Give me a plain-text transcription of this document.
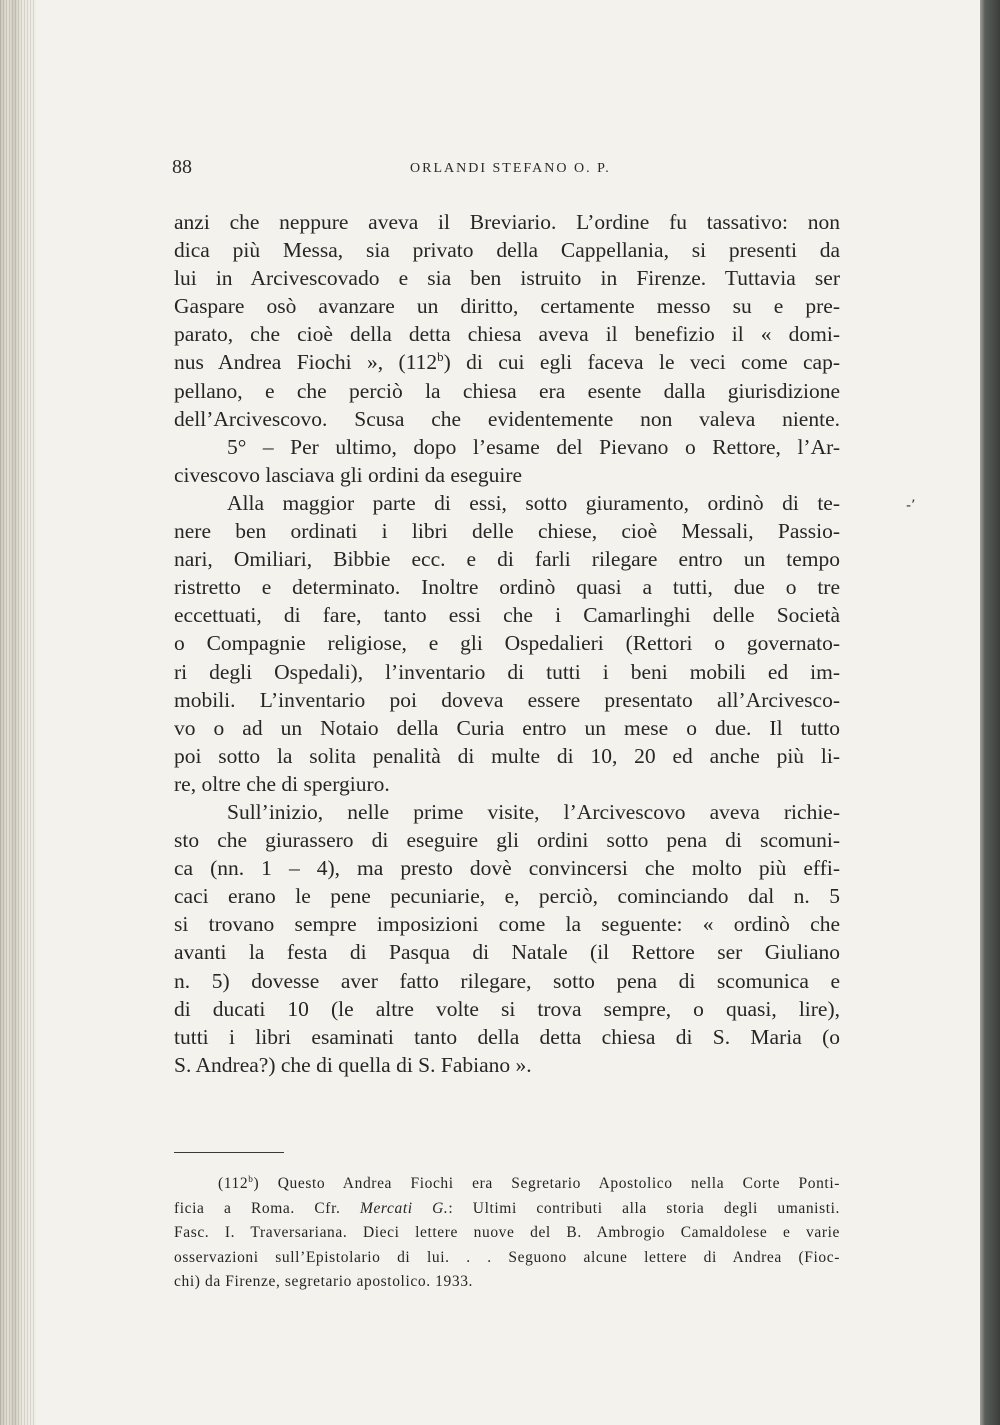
88	ORLANDI STEFANO O. P.

anzi che neppure aveva il Breviario. L’ordine fu tassativo: non
dica più Messa, sia privato della Cappellania, si presenti da
lui in Arcivescovado e sia ben istruito in Firenze. Tuttavia ser
Gaspare osò avanzare un diritto, certamente messo su e pre-
parato, che cioè della detta chiesa aveva il benefizio il « domi-
nus Andrea Fiochi », (112$^b$) di cui egli faceva le veci come cap-
pellano, e che perciò la chiesa era esente dalla giurisdizione
dell’Arcivescovo. Scusa che evidentemente non valeva niente.

5° – Per ultimo, dopo l’esame del Pievano o Rettore, l’Ar-
civescovo lasciava gli ordini da eseguire

Alla maggior parte di essi, sotto giuramento, ordinò di te-
nere ben ordinati i libri delle chiese, cioè Messali, Passio-
nari, Omiliari, Bibbie ecc. e di farli rilegare entro un tempo
ristretto e determinato. Inoltre ordinò quasi a tutti, due o tre
eccettuati, di fare, tanto essi che i Camarlinghi delle Società
o Compagnie religiose, e gli Ospedalieri (Rettori o governato-
ri degli Ospedali), l’inventario di tutti i beni mobili ed im-
mobili. L’inventario poi doveva essere presentato all’Arcivesco-
vo o ad un Notaio della Curia entro un mese o due. Il tutto
poi sotto la solita penalità di multe di 10, 20 ed anche più li-
re, oltre che di spergiuro.

Sull’inizio, nelle prime visite, l’Arcivescovo aveva richie-
sto che giurassero di eseguire gli ordini sotto pena di scomuni-
ca (nn. 1 – 4), ma presto dovè convincersi che molto più effi-
caci erano le pene pecuniarie, e, perciò, cominciando dal n. 5
si trovano sempre imposizioni come la seguente: « ordinò che
avanti la festa di Pasqua di Natale (il Rettore ser Giuliano
n. 5) dovesse aver fatto rilegare, sotto pena di scomunica e
di ducati 10 (le altre volte si trova sempre, o quasi, lire),
tutti i libri esaminati tanto della detta chiesa di S. Maria (o
S. Andrea?) che di quella di S. Fabiano ».

(112$^b$) Questo Andrea Fiochi era Segretario Apostolico nella Corte Ponti-
ficia a Roma. Cfr. Mercati G.: Ultimi contributi alla storia degli umanisti.
Fasc. I. Traversariana. Dieci lettere nuove del B. Ambrogio Camaldolese e varie
osservazioni sull’Epistolario di lui. . . Seguono alcune lettere di Andrea (Fioc-
chi) da Firenze, segretario apostolico. 1933.
-’
